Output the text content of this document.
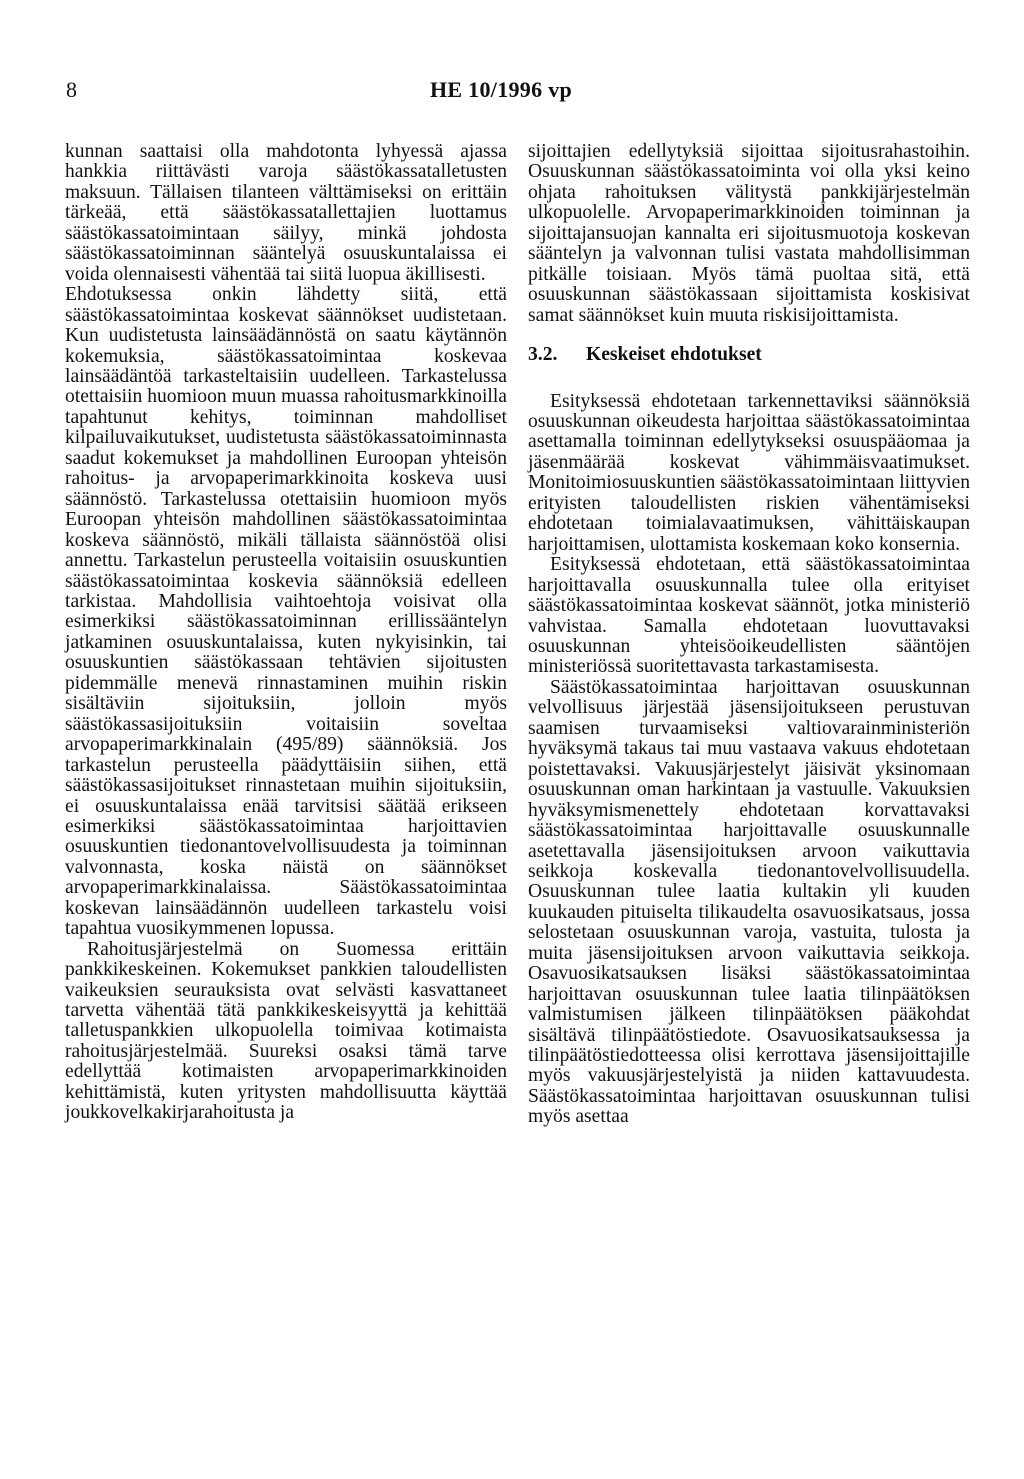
8	HE 10/1996 vp

kunnan saattaisi olla mahdotonta lyhyessä ajassa hankkia riittävästi varoja säästökassatalletusten maksuun. Tällaisen tilanteen välttämiseksi on erittäin tärkeää, että säästökassatallettajien luottamus säästökassatoimintaan säilyy, minkä johdosta säästökassatoiminnan sääntelyä osuuskuntalaissa ei voida olennaisesti vähentää tai siitä luopua äkillisesti.

Ehdotuksessa onkin lähdetty siitä, että säästökassatoimintaa koskevat säännökset uudistetaan. Kun uudistetusta lainsäädännöstä on saatu käytännön kokemuksia, säästökassatoimintaa koskevaa lainsäädäntöä tarkasteltaisiin uudelleen. Tarkastelussa otettaisiin huomioon muun muassa rahoitusmarkkinoilla tapahtunut kehitys, toiminnan mahdolliset kilpailuvaikutukset, uudistetusta säästökassatoiminnasta saadut kokemukset ja mahdollinen Euroopan yhteisön rahoitus- ja arvopaperimarkkinoita koskeva uusi säännöstö. Tarkastelussa otettaisiin huomioon myös Euroopan yhteisön mahdollinen säästökassatoimintaa koskeva säännöstö, mikäli tällaista säännöstöä olisi annettu. Tarkastelun perusteella voitaisiin osuuskuntien säästökassatoimintaa koskevia säännöksiä edelleen tarkistaa. Mahdollisia vaihtoehtoja voisivat olla esimerkiksi säästökassatoiminnan erillissääntelyn jatkaminen osuuskuntalaissa, kuten nykyisinkin, tai osuuskuntien säästökassaan tehtävien sijoitusten pidemmälle menevä rinnastaminen muihin riskin sisältäviin sijoituksiin, jolloin myös säästökassasijoituksiin voitaisiin soveltaa arvopaperimarkkinalain (495/89) säännöksiä. Jos tarkastelun perusteella päädyttäisiin siihen, että säästökassasijoitukset rinnastetaan muihin sijoituksiin, ei osuuskuntalaissa enää tarvitsisi säätää erikseen esimerkiksi säästökassatoimintaa harjoittavien osuuskuntien tiedonantovelvollisuudesta ja toiminnan valvonnasta, koska näistä on säännökset arvopaperimarkkinalaissa. Säästökassatoimintaa koskevan lainsäädännön uudelleen tarkastelu voisi tapahtua vuosikymmenen lopussa.

Rahoitusjärjestelmä on Suomessa erittäin pankkikeskeinen. Kokemukset pankkien taloudellisten vaikeuksien seurauksista ovat selvästi kasvattaneet tarvetta vähentää tätä pankkikeskeisyyttä ja kehittää talletuspankkien ulkopuolella toimivaa kotimaista rahoitusjärjestelmää. Suureksi osaksi tämä tarve edellyttää kotimaisten arvopaperimarkkinoiden kehittämistä, kuten yritysten mahdollisuutta käyttää joukkovelkakirjarahoitusta ja

sijoittajien edellytyksiä sijoittaa sijoitusrahastoihin. Osuuskunnan säästökassatoiminta voi olla yksi keino ohjata rahoituksen välitystä pankkijärjestelmän ulkopuolelle. Arvopaperimarkkinoiden toiminnan ja sijoittajansuojan kannalta eri sijoitusmuotoja koskevan sääntelyn ja valvonnan tulisi vastata mahdollisimman pitkälle toisiaan. Myös tämä puoltaa sitä, että osuuskunnan säästökassaan sijoittamista koskisivat samat säännökset kuin muuta riskisijoittamista.

3.2. Keskeiset ehdotukset

Esityksessä ehdotetaan tarkennettaviksi säännöksiä osuuskunnan oikeudesta harjoittaa säästökassatoimintaa asettamalla toiminnan edellytykseksi osuuspääomaa ja jäsenmäärää koskevat vähimmäisvaatimukset. Monitoimiosuuskuntien säästökassatoimintaan liittyvien erityisten taloudellisten riskien vähentämiseksi ehdotetaan toimialavaatimuksen, vähittäiskaupan harjoittamisen, ulottamista koskemaan koko konsernia.

Esityksessä ehdotetaan, että säästökassatoimintaa harjoittavalla osuuskunnalla tulee olla erityiset säästökassatoimintaa koskevat säännöt, jotka ministeriö vahvistaa. Samalla ehdotetaan luovuttavaksi osuuskunnan yhteisöoikeudellisten sääntöjen ministeriössä suoritettavasta tarkastamisesta.

Säästökassatoimintaa harjoittavan osuuskunnan velvollisuus järjestää jäsensijoitukseen perustuvan saamisen turvaamiseksi valtiovarainministeriön hyväksymä takaus tai muu vastaava vakuus ehdotetaan poistettavaksi. Vakuusjärjestelyt jäisivät yksinomaan osuuskunnan oman harkintaan ja vastuulle. Vakuuksien hyväksymismenettely ehdotetaan korvattavaksi säästökassatoimintaa harjoittavalle osuuskunnalle asetettavalla jäsensijoituksen arvoon vaikuttavia seikkoja koskevalla tiedonantovelvollisuudella. Osuuskunnan tulee laatia kultakin yli kuuden kuukauden pituiselta tilikaudelta osavuosikatsaus, jossa selostetaan osuuskunnan varoja, vastuita, tulosta ja muita jäsensijoituksen arvoon vaikuttavia seikkoja. Osavuosikatsauksen lisäksi säästökassatoimintaa harjoittavan osuuskunnan tulee laatia tilinpäätöksen valmistumisen jälkeen tilinpäätöksen pääkohdat sisältävä tilinpäätöstiedote. Osavuosikatsauksessa ja tilinpäätöstiedotteessa olisi kerrottava jäsensijoittajille myös vakuusjärjestelyistä ja niiden kattavuudesta. Säästökassatoimintaa harjoittavan osuuskunnan tulisi myös asettaa
